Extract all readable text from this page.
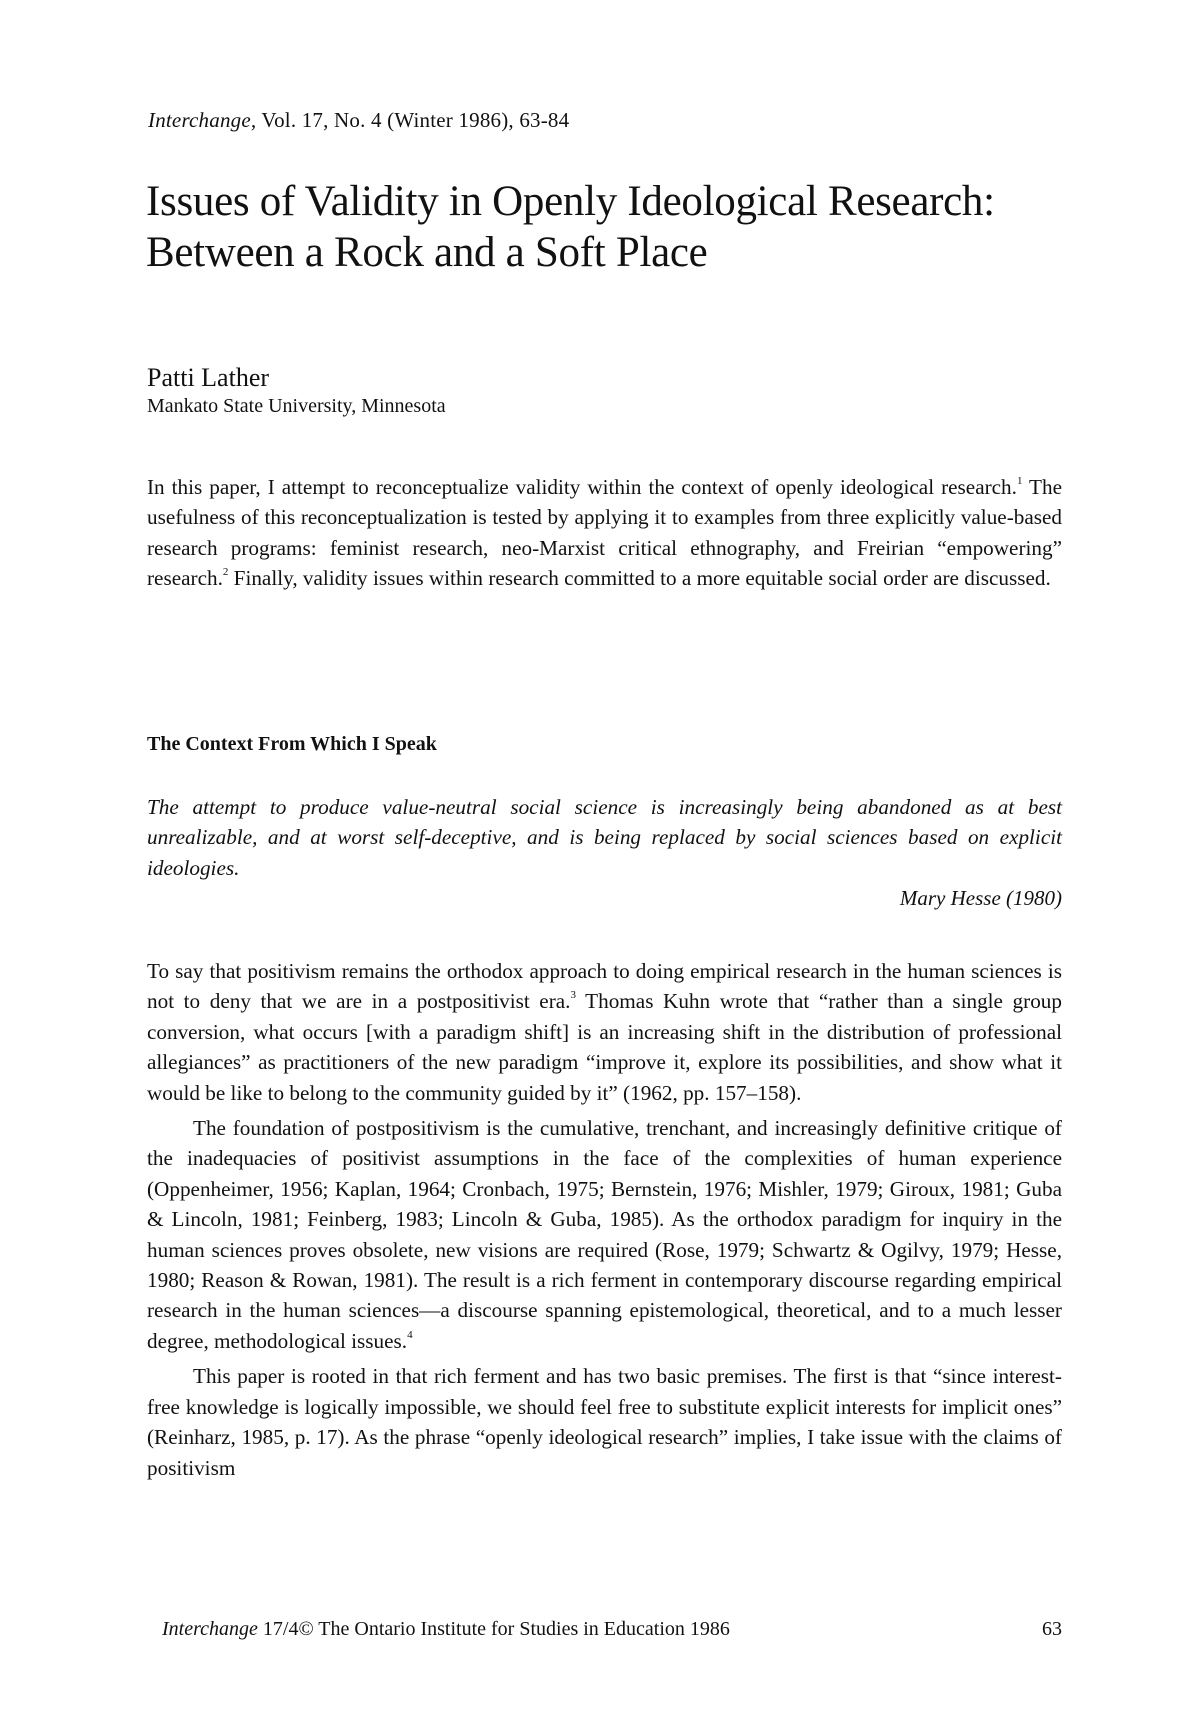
Interchange, Vol. 17, No. 4 (Winter 1986), 63-84
Issues of Validity in Openly Ideological Research: Between a Rock and a Soft Place
Patti Lather
Mankato State University, Minnesota

In this paper, I attempt to reconceptualize validity within the context of openly ideological research.$^1$ The usefulness of this reconceptualization is tested by applying it to examples from three explicitly value-based research programs: feminist research, neo-Marxist critical ethnography, and Freirian “empowering” research.$^2$ Finally, validity issues within research committed to a more equitable social order are discussed.

The Context From Which I Speak

The attempt to produce value-neutral social science is increasingly being abandoned as at best unrealizable, and at worst self-deceptive, and is being replaced by social sciences based on explicit ideologies.

Mary Hesse (1980)

To say that positivism remains the orthodox approach to doing empirical research in the human sciences is not to deny that we are in a postpositivist era.$^3$ Thomas Kuhn wrote that “rather than a single group conversion, what occurs [with a paradigm shift] is an increasing shift in the distribution of professional allegiances” as practitioners of the new paradigm “improve it, explore its possibilities, and show what it would be like to belong to the community guided by it” (1962, pp. 157–158).

The foundation of postpositivism is the cumulative, trenchant, and increasingly definitive critique of the inadequacies of positivist assumptions in the face of the complexities of human experience (Oppenheimer, 1956; Kaplan, 1964; Cronbach, 1975; Bernstein, 1976; Mishler, 1979; Giroux, 1981; Guba & Lincoln, 1981; Feinberg, 1983; Lincoln & Guba, 1985). As the orthodox paradigm for inquiry in the human sciences proves obsolete, new visions are required (Rose, 1979; Schwartz & Ogilvy, 1979; Hesse, 1980; Reason & Rowan, 1981). The result is a rich ferment in contemporary discourse regarding empirical research in the human sciences—a discourse spanning epistemological, theoretical, and to a much lesser degree, methodological issues.$^4$

This paper is rooted in that rich ferment and has two basic premises. The first is that “since interest-free knowledge is logically impossible, we should feel free to substitute explicit interests for implicit ones” (Reinharz, 1985, p. 17). As the phrase “openly ideological research” implies, I take issue with the claims of positivism

Interchange 17/4© The Ontario Institute for Studies in Education 1986	63
